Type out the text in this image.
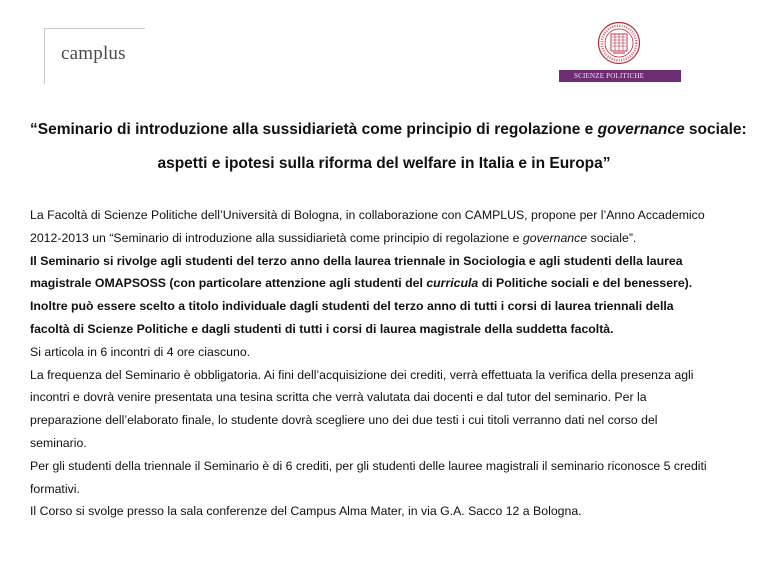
camplus
SCIENZE POLITICHE
“Seminario di introduzione alla sussidiarietà come principio di regolazione e governance sociale:
aspetti e ipotesi sulla riforma del welfare in Italia e in Europa”
La Facoltà di Scienze Politiche dell’Università di Bologna, in collaborazione con CAMPLUS, propone per l’Anno Accademico
2012-2013 un “Seminario di introduzione alla sussidiarietà come principio di regolazione e governance sociale”.
Il Seminario si rivolge agli studenti del terzo anno della laurea triennale in Sociologia e agli studenti della laurea
magistrale OMAPSOSS (con particolare attenzione agli studenti del curricula di Politiche sociali e del benessere).
Inoltre può essere scelto a titolo individuale dagli studenti del terzo anno di tutti i corsi di laurea triennali della
facoltà di Scienze Politiche e dagli studenti di tutti i corsi di laurea magistrale della suddetta facoltà.
Si articola in 6 incontri di 4 ore ciascuno.
La frequenza del Seminario è obbligatoria. Ai fini dell’acquisizione dei crediti, verrà effettuata la verifica della presenza agli
incontri e dovrà venire presentata una tesina scritta che verrà valutata dai docenti e dal tutor del seminario. Per la
preparazione dell’elaborato finale, lo studente dovrà scegliere uno dei due testi i cui titoli verranno dati nel corso del
seminario.
Per gli studenti della triennale il Seminario è di 6 crediti, per gli studenti delle lauree magistrali il seminario riconosce 5 crediti
formativi.
Il Corso si svolge presso la sala conferenze del Campus Alma Mater, in via G.A. Sacco 12 a Bologna.
